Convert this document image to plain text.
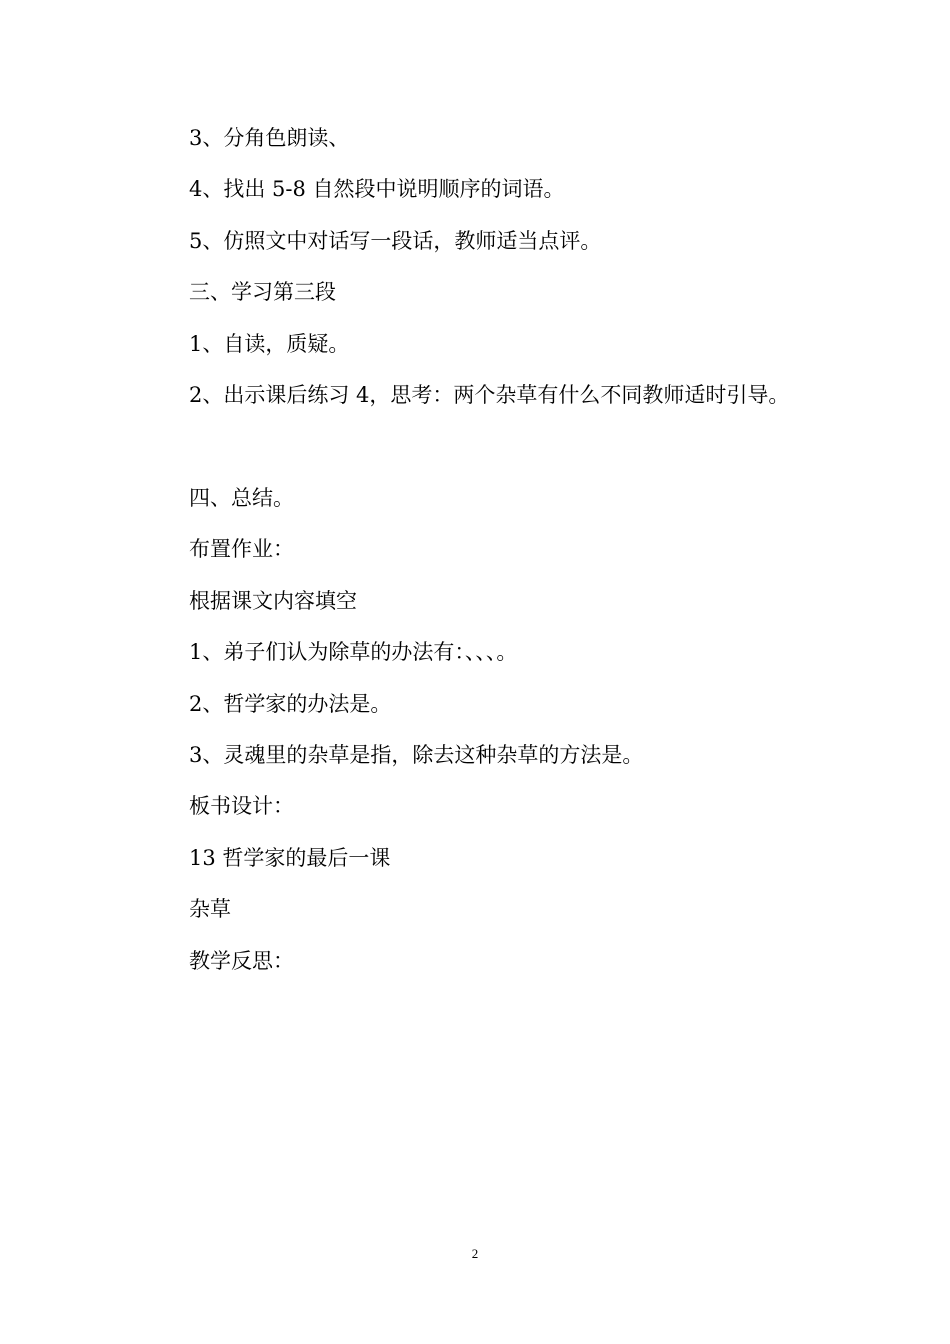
3、分角色朗读、

4、找出 5-8 自然段中说明顺序的词语。

5、仿照文中对话写一段话，教师适当点评。

三、学习第三段

1、自读，质疑。

2、出示课后练习 4，思考：两个杂草有什么不同教师适时引导。

四、总结。

布置作业：

根据课文内容填空

1、弟子们认为除草的办法有：、、、。

2、哲学家的办法是。

3、灵魂里的杂草是指，除去这种杂草的方法是。

板书设计：

13 哲学家的最后一课

杂草

教学反思：

2
